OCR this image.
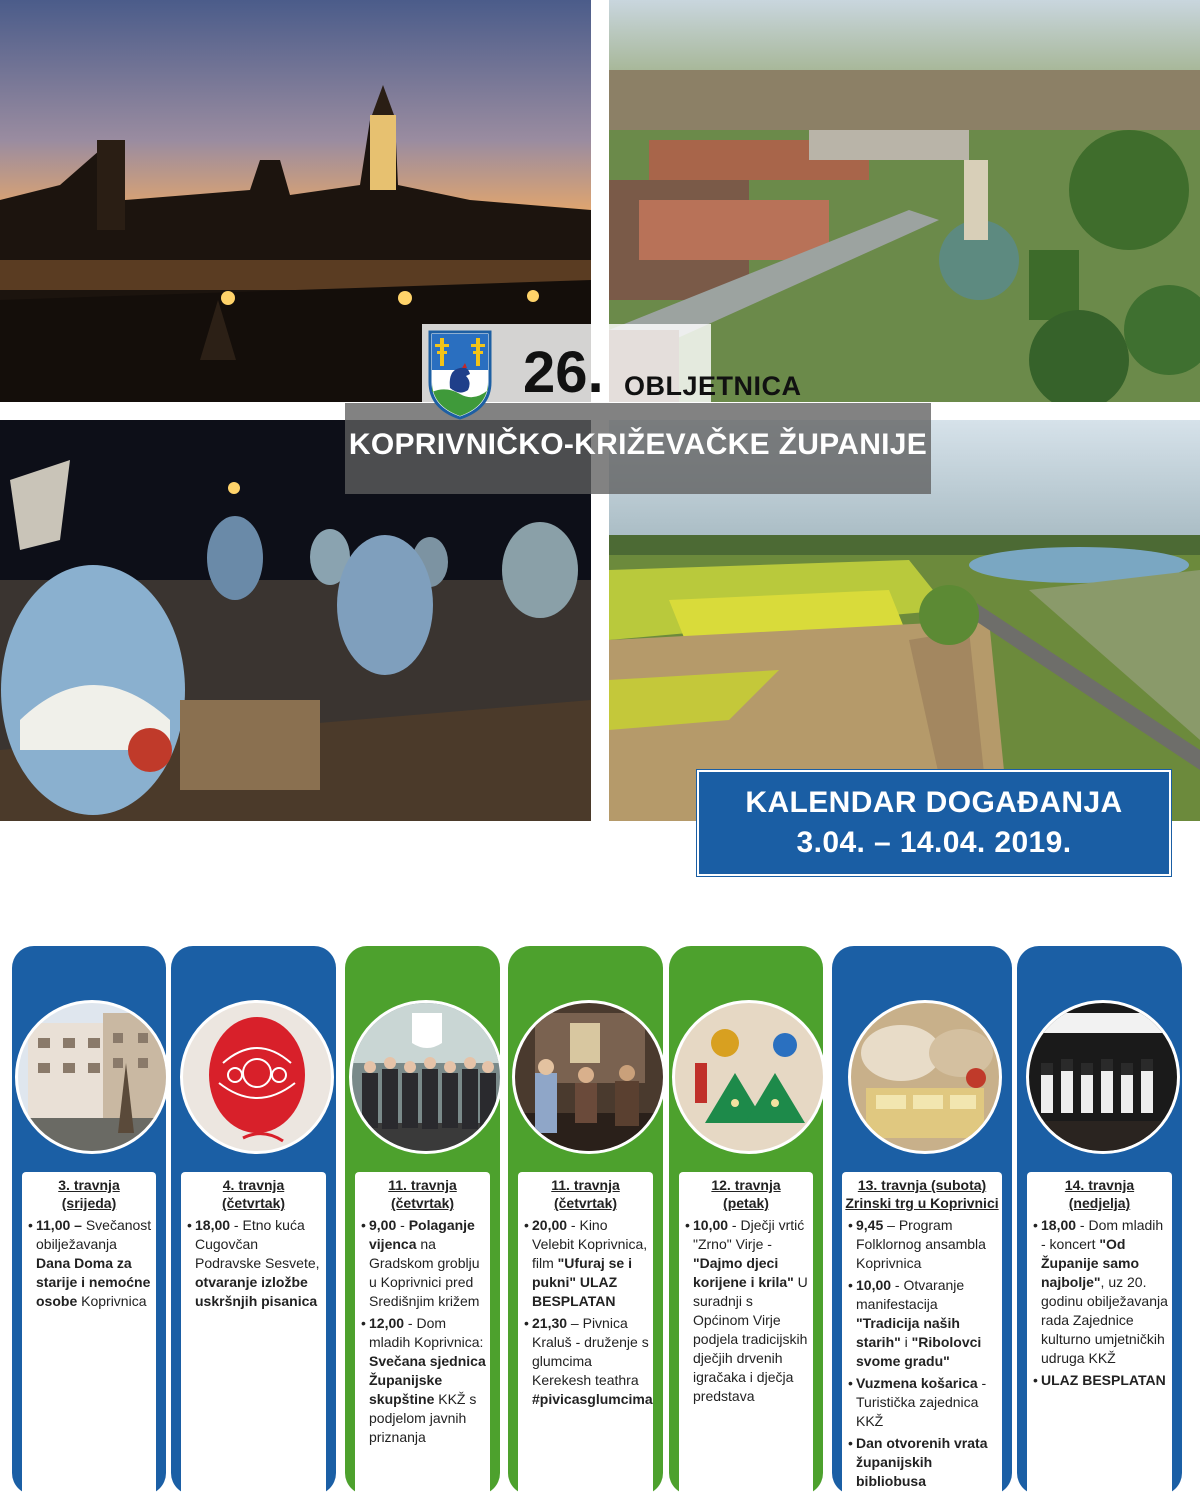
26. OBLJETNICA
KOPRIVNIČKO-KRIŽEVAČKE ŽUPANIJE
KALENDAR DOGAĐANJA
3.04. – 14.04. 2019.
3. travnja
(srijeda)
• 11,00 – Svečanost obilježavanja Dana Doma za starije i nemoćne osobe Koprivnica
4. travnja
(četvrtak)
• 18,00 - Etno kuća Cugovčan Podravske Sesvete, otvaranje izložbe uskršnjih pisanica
11. travnja
(četvrtak)
• 9,00 - Polaganje vijenca na Gradskom groblju u Koprivnici pred Središnjim križem
• 12,00 - Dom mladih Koprivnica: Svečana sjednica Županijske skupštine KKŽ s podjelom javnih priznanja
11. travnja
(četvrtak)
• 20,00 - Kino Velebit Koprivnica, film "Ufuraj se i pukni" ULAZ BESPLATAN
• 21,30 – Pivnica Kraluš - druženje s glumcima Kerekesh teathra #pivicasglumcima
12. travnja
(petak)
• 10,00 - Dječji vrtić "Zrno" Virje - "Dajmo djeci korijene i krila" U suradnji s Općinom Virje podjela tradicijskih dječjih drvenih igračaka i dječja predstava
13. travnja (subota)
Zrinski trg u Koprivnici
• 9,45 – Program Folklornog ansambla Koprivnica
• 10,00 - Otvaranje manifestacija "Tradicija naših starih" i "Ribolovci svome gradu"
• Vuzmena košarica - Turistička zajednica KKŽ
• Dan otvorenih vrata županijskih bibliobusa
14. travnja
(nedjelja)
• 18,00 - Dom mladih - koncert "Od Županije samo najbolje", uz 20. godinu obilježavanja rada Zajednice kulturno umjetničkih udruga KKŽ
• ULAZ BESPLATAN
